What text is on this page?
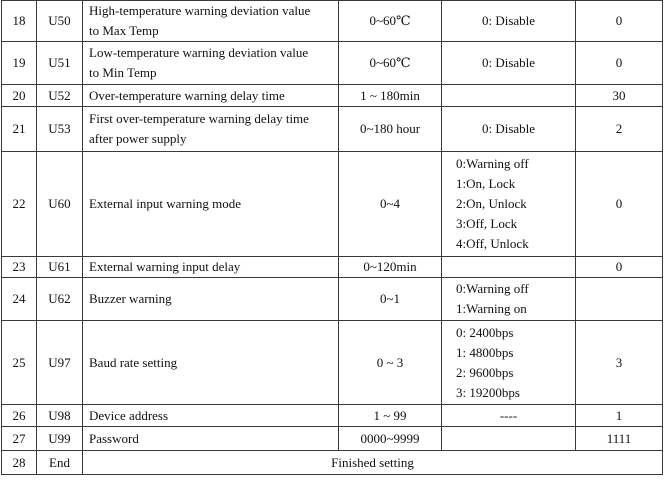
18	U50	High-temperature warning deviation value
to Max Temp	0~60℃	0: Disable	0
19	U51	Low-temperature warning deviation value
to Min Temp	0~60℃	0: Disable	0
20	U52	Over-temperature warning delay time	1 ~ 180min		30
21	U53	First over-temperature warning delay time
after power supply	0~180 hour	0: Disable	2
22	U60	External input warning mode	0~4	0:Warning off
1:On, Lock
2:On, Unlock
3:Off, Lock
4:Off, Unlock	0
23	U61	External warning input delay	0~120min		0
24	U62	Buzzer warning	0~1	0:Warning off
1:Warning on	

25	U97	Baud rate setting	0 ~ 3	0: 2400bps
1: 4800bps
2: 9600bps
3: 19200bps	3
26	U98	Device address	1 ~ 99	----	1
27	U99	Password	0000~9999		1111
28	End	Finished setting			
